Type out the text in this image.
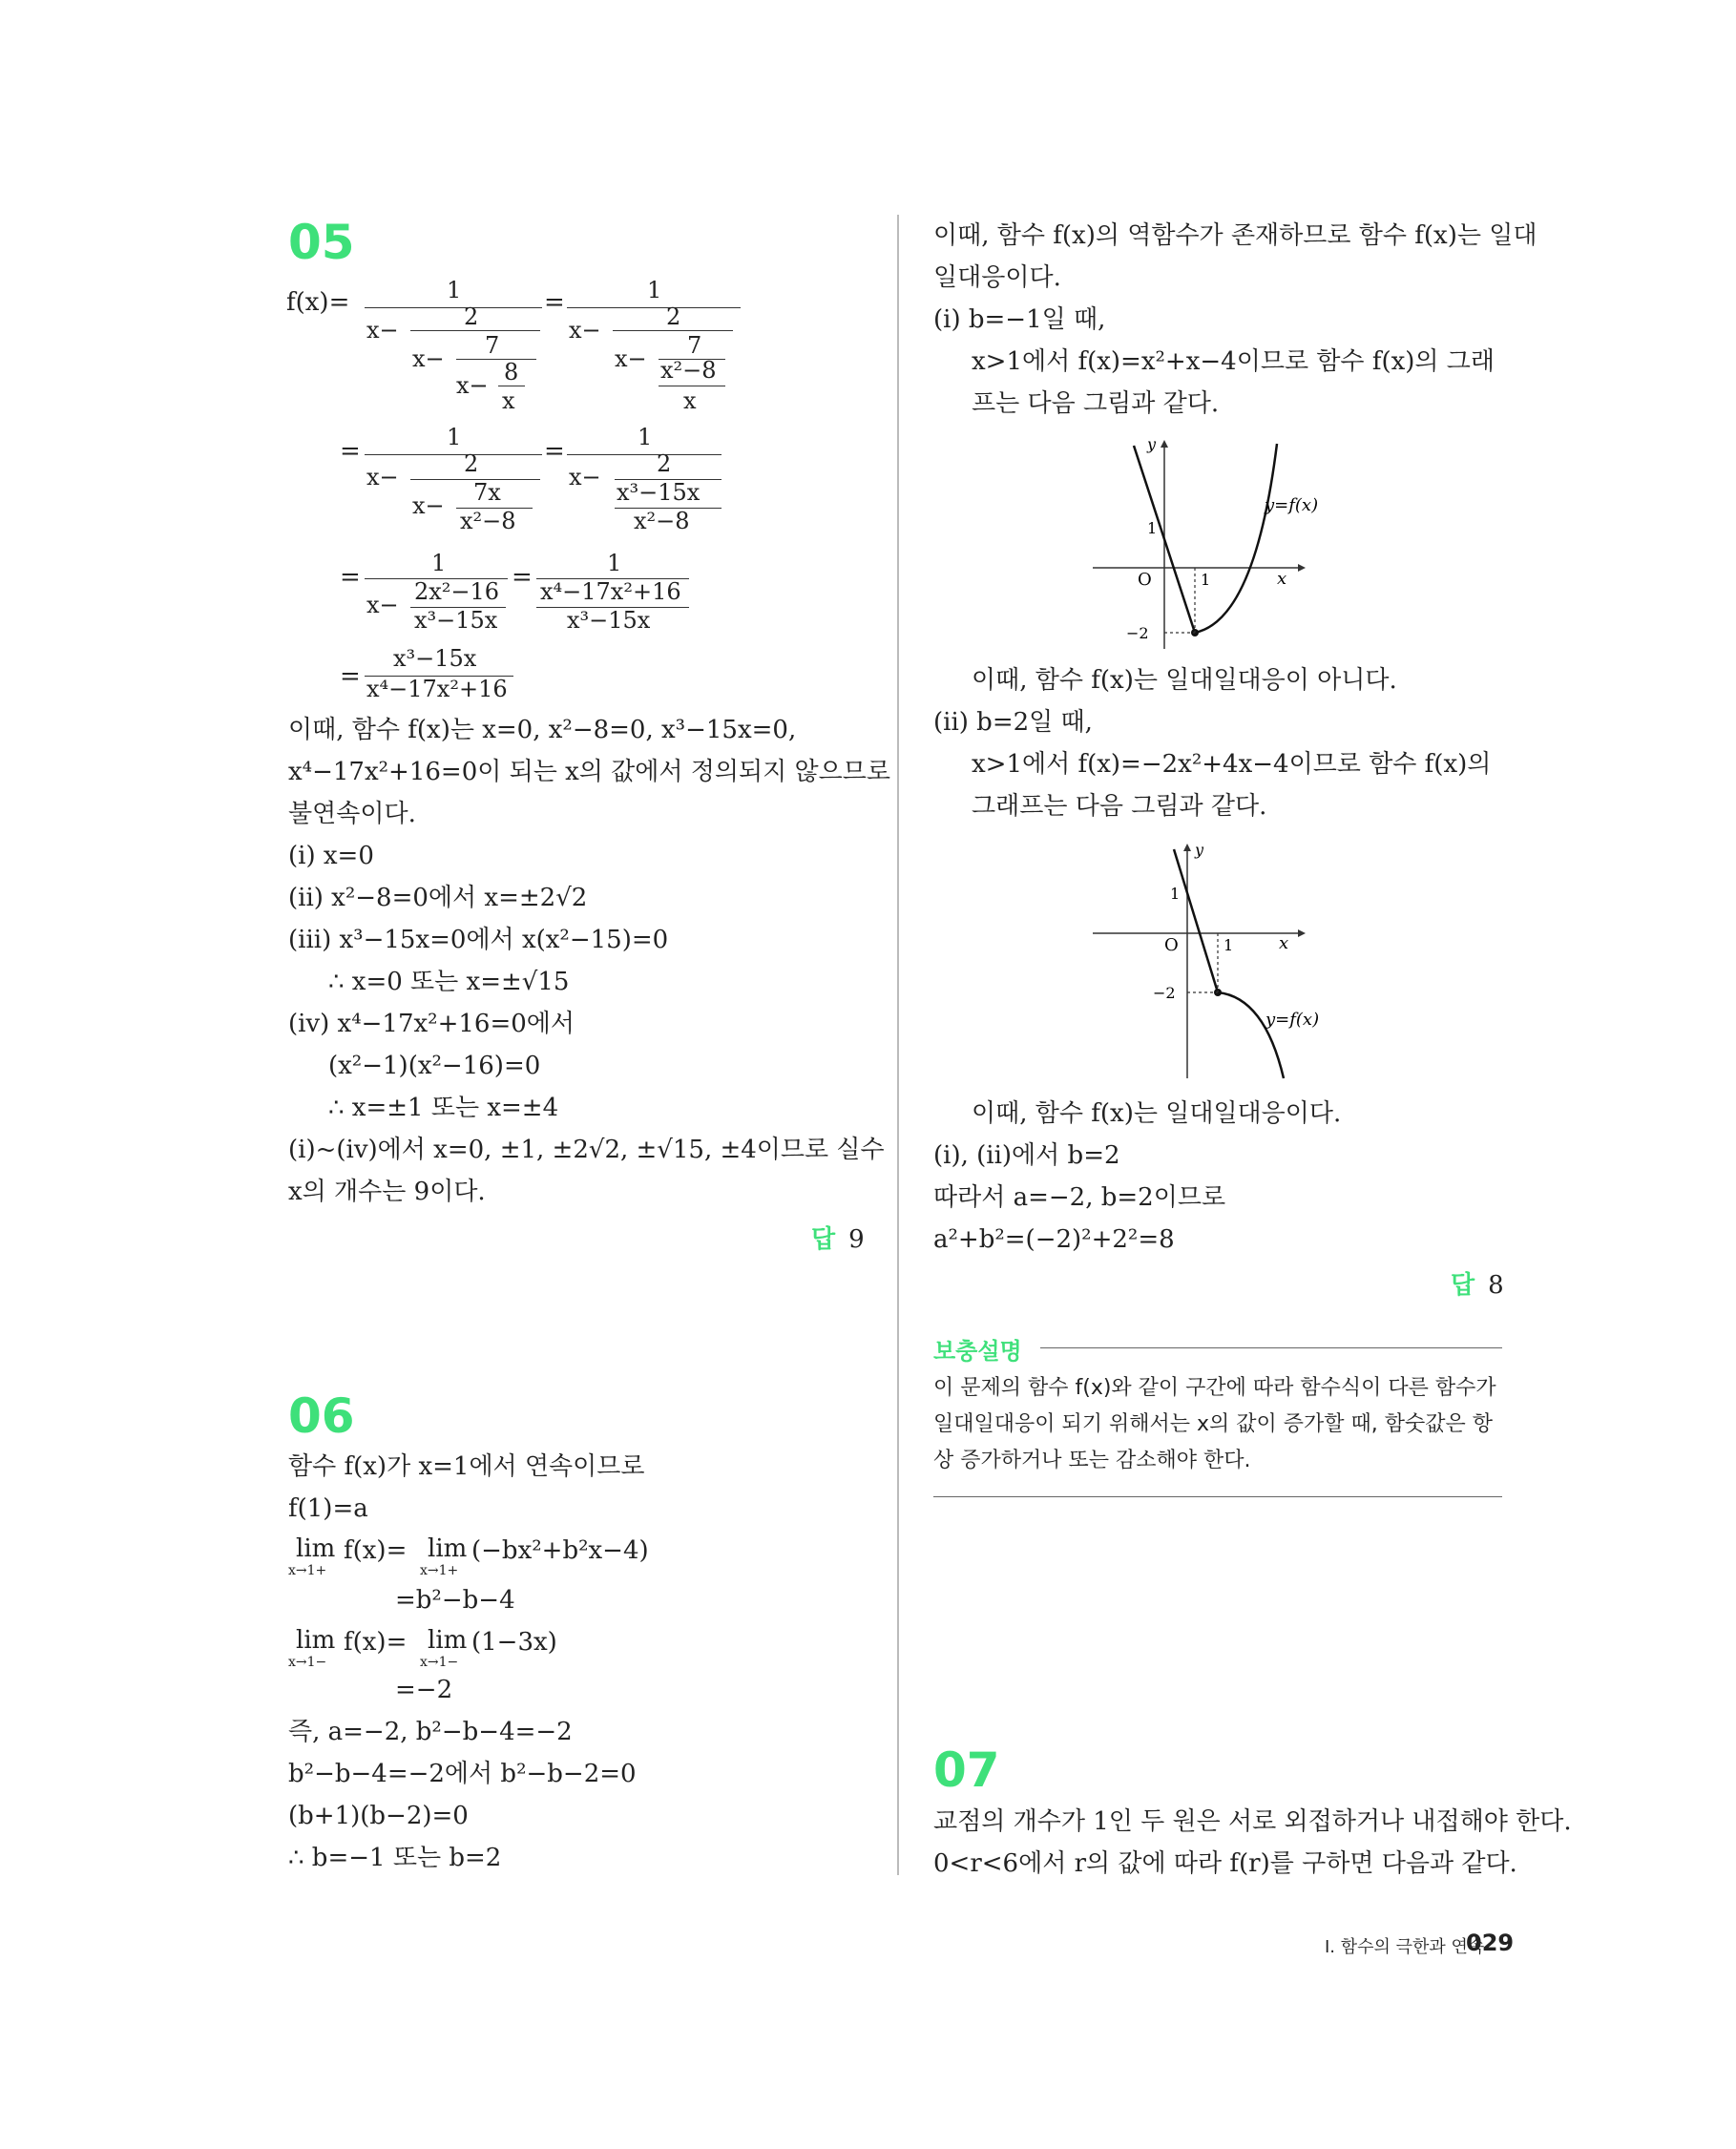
05
f(x)=	1
x−	2
x− 7
x− 8
x
=	1
x−	2
x− 7
x²−8
x
=	1
x−	2
x− 7x
x²−8
=	1
x− 2
x³−15x
x²−8
=	1
x− 2x²−16
x³−15x
=	1
x⁴−17x²+16
x³−15x
=
x³−15x
x⁴−17x²+16
이때, 함수 f(x)는 x=0, x²−8=0, x³−15x=0,
x⁴−17x²+16=0이 되는 x의 값에서 정의되지 않으므로
불연속이다.
(i) x=0
(ii) x²−8=0에서 x=±2√2
(iii) x³−15x=0에서 x(x²−15)=0
∴ x=0 또는 x=±√15
(iv) x⁴−17x²+16=0에서
(x²−1)(x²−16)=0
∴ x=±1 또는 x=±4
(i)~(iv)에서 x=0, ±1, ±2√2, ±√15, ±4이므로 실수
x의 개수는 9이다.
답 9
06
함수 f(x)가 x=1에서 연속이므로
f(1)=a
lim
x→1+
f(x)= lim
x→1+
(−bx²+b²x−4)
=b²−b−4
lim
x→1−
f(x)= lim
x→1−
(1−3x)
=−2
즉, a=−2, b²−b−4=−2
b²−b−4=−2에서 b²−b−2=0
(b+1)(b−2)=0
∴ b=−1 또는 b=2
이때, 함수 f(x)의 역함수가 존재하므로 함수 f(x)는 일대
일대응이다.
(i) b=−1일 때,
x>1에서 f(x)=x²+x−4이므로 함수 f(x)의 그래
프는 다음 그림과 같다.
y
x
O
1
1
−2
y=f(x)
이때, 함수 f(x)는 일대일대응이 아니다.
(ii) b=2일 때,
x>1에서 f(x)=−2x²+4x−4이므로 함수 f(x)의
그래프는 다음 그림과 같다.
y
x
O
1
1
−2
y=f(x)
이때, 함수 f(x)는 일대일대응이다.
(i), (ii)에서 b=2
따라서 a=−2, b=2이므로
a²+b²=(−2)²+2²=8
답 8
보충설명
이 문제의 함수 f(x)와 같이 구간에 따라 함수식이 다른 함수가 일대일대응이 되기 위해서는 x의 값이 증가할 때, 함숫값은 항상 증가하거나 또는 감소해야 한다.
07
교점의 개수가 1인 두 원은 서로 외접하거나 내접해야 한다.
0<r<6에서 r의 값에 따라 f(r)를 구하면 다음과 같다.
I. 함수의 극한과 연속
029
